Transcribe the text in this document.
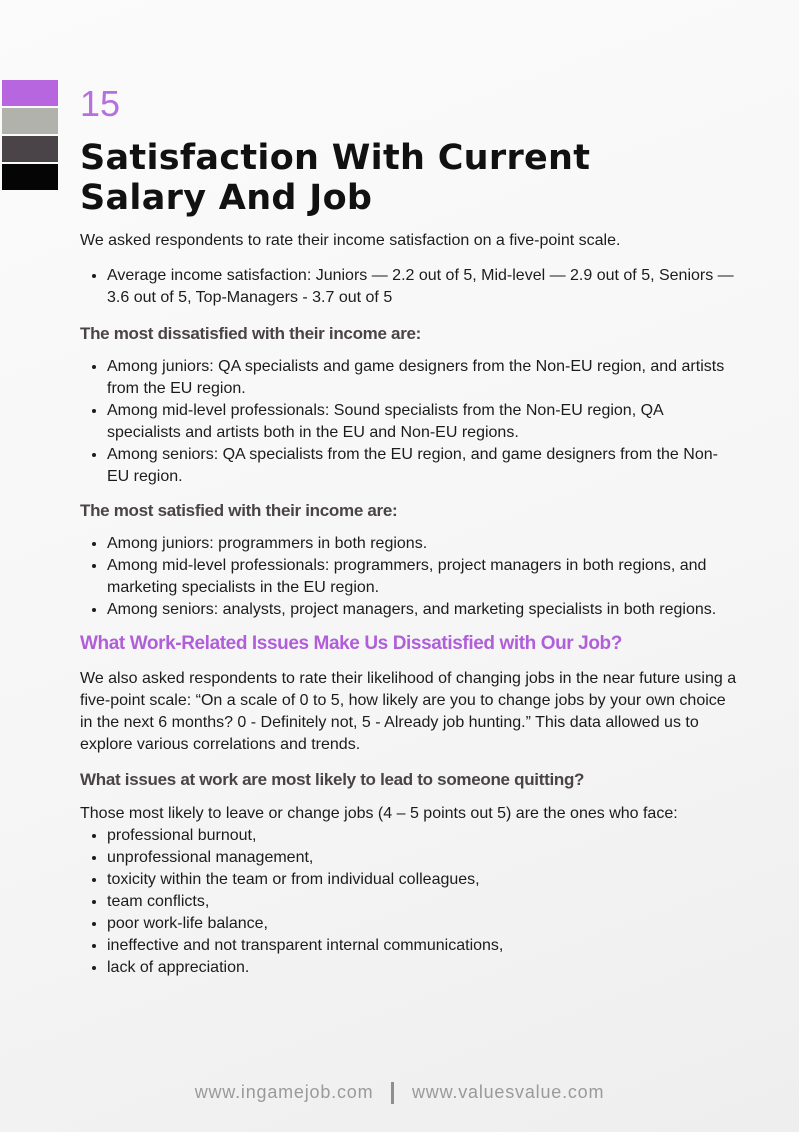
15
Satisfaction With Current
Salary And Job

We asked respondents to rate their income satisfaction on a five-point scale.

• Average income satisfaction: Juniors — 2.2 out of 5, Mid-level — 2.9 out of 5, Seniors — 3.6 out of 5, Top-Managers - 3.7 out of 5
The most dissatisfied with their income are:
• Among juniors: QA specialists and game designers from the Non-EU region, and artists from the EU region.
• Among mid-level professionals: Sound specialists from the Non-EU region, QA specialists and artists both in the EU and Non-EU regions.
• Among seniors: QA specialists from the EU region, and game designers from the Non-EU region.
The most satisfied with their income are:
• Among juniors: programmers in both regions.
• Among mid-level professionals: programmers, project managers in both regions, and marketing specialists in the EU region.
• Among seniors: analysts, project managers, and marketing specialists in both regions.
What Work-Related Issues Make Us Dissatisfied with Our Job?

We also asked respondents to rate their likelihood of changing jobs in the near future using a five-point scale: “On a scale of 0 to 5, how likely are you to change jobs by your own choice in the next 6 months? 0 - Definitely not, 5 - Already job hunting.” This data allowed us to explore various correlations and trends.

What issues at work are most likely to lead to someone quitting?

Those most likely to leave or change jobs (4 – 5 points out 5) are the ones who face:

• professional burnout,
• unprofessional management,
• toxicity within the team or from individual colleagues,
• team conflicts,
• poor work-life balance,
• ineffective and not transparent internal communications,
• lack of appreciation.
www.ingamejob.com www.valuesvalue.com
